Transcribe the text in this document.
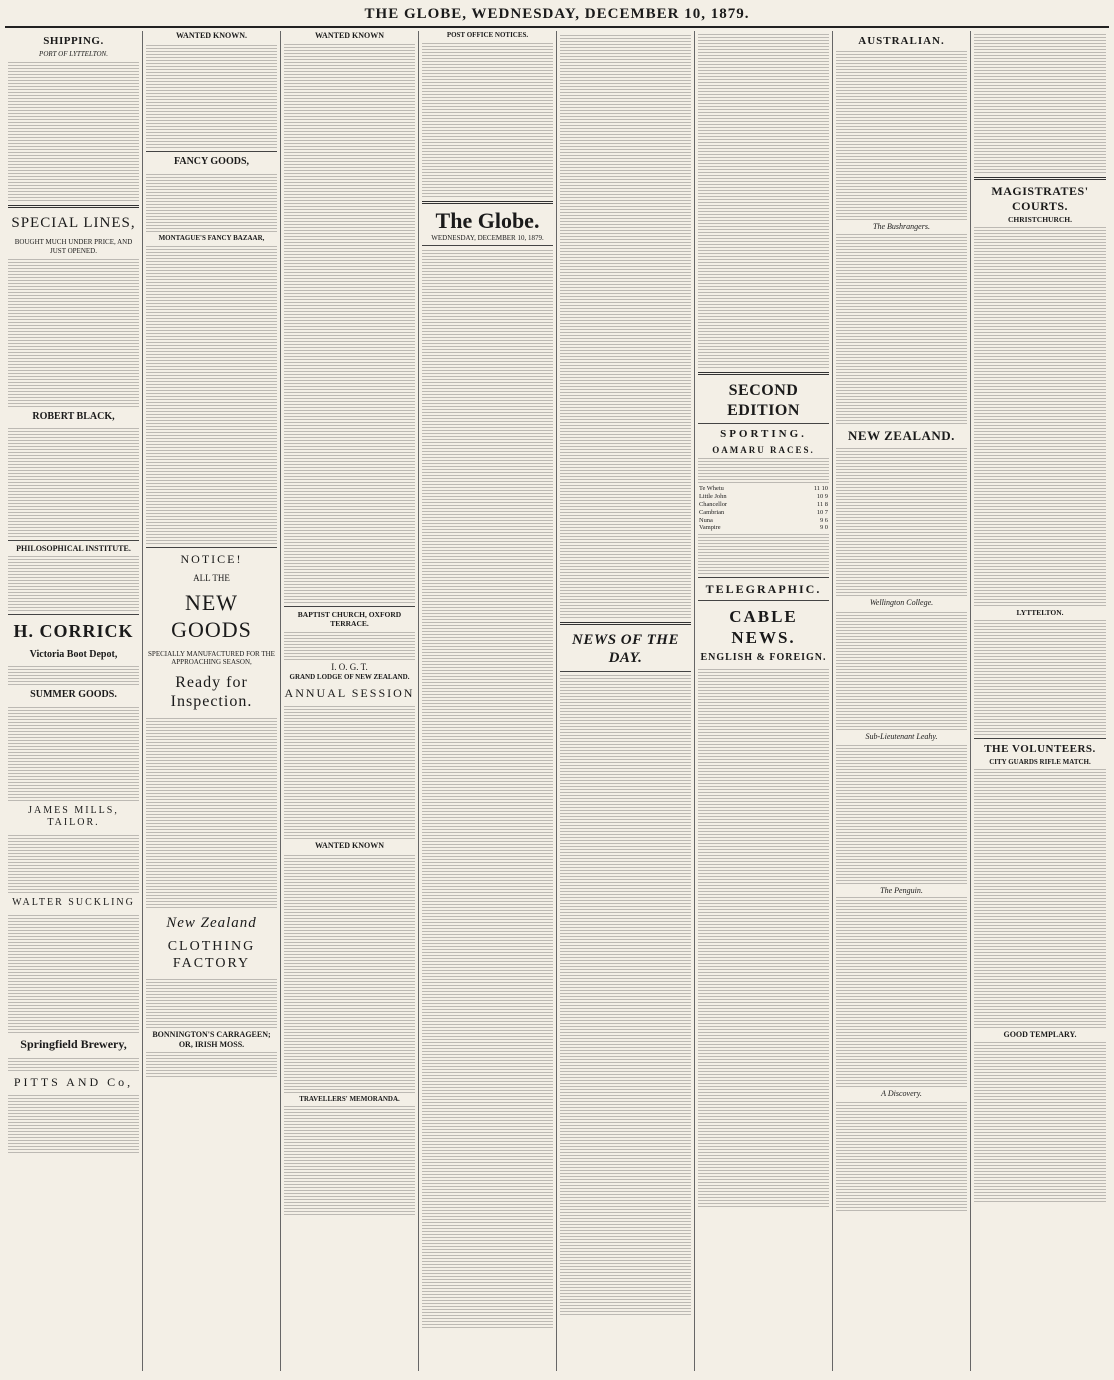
THE GLOBE, WEDNESDAY, DECEMBER 10, 1879.
SHIPPING.
PORT OF LYTTELTON.
SPECIAL LINES,
BOUGHT MUCH UNDER PRICE, AND JUST OPENED.
ROBERT BLACK,
PHILOSOPHICAL INSTITUTE.
H. CORRICK
Victoria Boot Depot,
SUMMER GOODS.
JAMES MILLS, TAILOR.
WALTER SUCKLING
Springfield Brewery,
PITTS AND Co,
WANTED KNOWN.
FANCY GOODS,
MONTAGUE'S FANCY BAZAAR,
NOTICE!
ALL THE
NEW GOODS
SPECIALLY MANUFACTURED FOR THE APPROACHING SEASON,
Ready for Inspection.
New Zealand
CLOTHING FACTORY
BONNINGTON'S CARRAGEEN; OR, IRISH MOSS.
WANTED KNOWN
BAPTIST CHURCH, OXFORD TERRACE.
I. O. G. T.
GRAND LODGE OF NEW ZEALAND.
ANNUAL SESSION
WANTED KNOWN
TRAVELLERS' MEMORANDA.
POST OFFICE NOTICES.
The Globe.
WEDNESDAY, DECEMBER 10, 1879.
NEWS OF THE DAY.
SECOND EDITION
SPORTING.
OAMARU RACES.
Te Whetu	11 10
Little John	10 9
Chancellor	11 8
Cambrian	10 7
Nuna	9 6
Vampire	9 0
TELEGRAPHIC.
CABLE NEWS.
ENGLISH & FOREIGN.
AUSTRALIAN.
The Bushrangers.
NEW ZEALAND.
Wellington College.
Sub-Lieutenant Leahy.
The Penguin.
A Discovery.
MAGISTRATES' COURTS.
CHRISTCHURCH.
LYTTELTON.
THE VOLUNTEERS.
CITY GUARDS RIFLE MATCH.
GOOD TEMPLARY.
